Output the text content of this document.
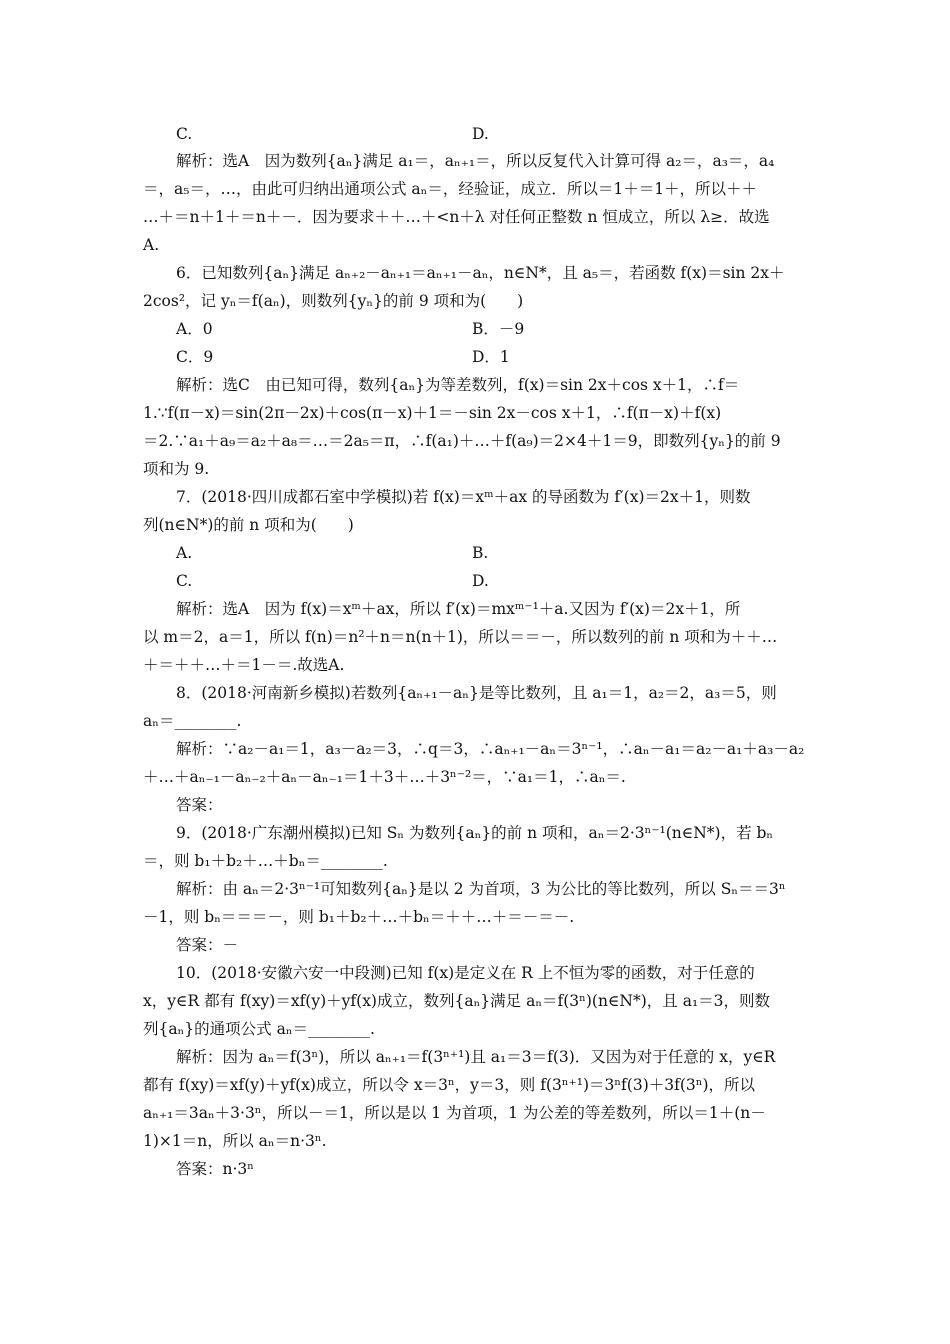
C.	D.
解析：选A　因为数列{aₙ}满足 a₁＝，aₙ₊₁＝，所以反复代入计算可得 a₂＝，a₃＝，a₄
＝，a₅＝，…，由此可归纳出通项公式 aₙ＝，经验证，成立．所以＝1＋＝1＋，所以＋＋
…＋＝n＋1＋＝n＋－．因为要求＋＋…＋<n＋λ 对任何正整数 n 恒成立，所以 λ≥．故选
A.
6．已知数列{aₙ}满足 aₙ₊₂－aₙ₊₁＝aₙ₊₁－aₙ，n∈N*，且 a₅＝，若函数 f(x)＝sin 2x＋
2cos²，记 yₙ＝f(aₙ)，则数列{yₙ}的前 9 项和为(　　)
A．0	B．－9
C．9	D．1
解析：选C　由已知可得，数列{aₙ}为等差数列，f(x)＝sin 2x＋cos x＋1，∴f＝
1.∵f(π－x)＝sin(2π－2x)＋cos(π－x)＋1＝－sin 2x－cos x＋1，∴f(π－x)＋f(x)
＝2.∵a₁＋a₉＝a₂＋a₈＝…＝2a₅＝π，∴f(a₁)＋…＋f(a₉)＝2×4＋1＝9，即数列{yₙ}的前 9
项和为 9.
7．(2018·四川成都石室中学模拟)若 f(x)＝xᵐ＋ax 的导函数为 f′(x)＝2x＋1，则数
列(n∈N*)的前 n 项和为(　　)
A.	B.
C.	D.
解析：选A　因为 f(x)＝xᵐ＋ax，所以 f′(x)＝mxᵐ⁻¹＋a.又因为 f′(x)＝2x＋1，所
以 m＝2，a＝1，所以 f(n)＝n²＋n＝n(n＋1)，所以＝＝－，所以数列的前 n 项和为＋＋…
＋＝＋＋…＋＝1－＝.故选A.
8．(2018·河南新乡模拟)若数列{aₙ₊₁－aₙ}是等比数列，且 a₁＝1，a₂＝2，a₃＝5，则
aₙ＝________.
解析：∵a₂－a₁＝1，a₃－a₂＝3，∴q＝3，∴aₙ₊₁－aₙ＝3ⁿ⁻¹，∴aₙ－a₁＝a₂－a₁＋a₃－a₂
＋…＋aₙ₋₁－aₙ₋₂＋aₙ－aₙ₋₁＝1＋3＋…＋3ⁿ⁻²＝，∵a₁＝1，∴aₙ＝.
答案：
9．(2018·广东潮州模拟)已知 Sₙ 为数列{aₙ}的前 n 项和，aₙ＝2·3ⁿ⁻¹(n∈N*)，若 bₙ
＝，则 b₁＋b₂＋…＋bₙ＝________.
解析：由 aₙ＝2·3ⁿ⁻¹可知数列{aₙ}是以 2 为首项，3 为公比的等比数列，所以 Sₙ＝＝3ⁿ
－1，则 bₙ＝＝＝－，则 b₁＋b₂＋…＋bₙ＝＋＋…＋＝－＝－.
答案：－
10．(2018·安徽六安一中段测)已知 f(x)是定义在 R 上不恒为零的函数，对于任意的
x，y∈R 都有 f(xy)＝xf(y)＋yf(x)成立，数列{aₙ}满足 aₙ＝f(3ⁿ)(n∈N*)，且 a₁＝3，则数
列{aₙ}的通项公式 aₙ＝________.
解析：因为 aₙ＝f(3ⁿ)，所以 aₙ₊₁＝f(3ⁿ⁺¹)且 a₁＝3＝f(3)．又因为对于任意的 x，y∈R
都有 f(xy)＝xf(y)＋yf(x)成立，所以令 x＝3ⁿ，y＝3，则 f(3ⁿ⁺¹)＝3ⁿf(3)＋3f(3ⁿ)，所以
aₙ₊₁＝3aₙ＋3·3ⁿ，所以－＝1，所以是以 1 为首项，1 为公差的等差数列，所以＝1＋(n－
1)×1＝n，所以 aₙ＝n·3ⁿ.
答案：n·3ⁿ
